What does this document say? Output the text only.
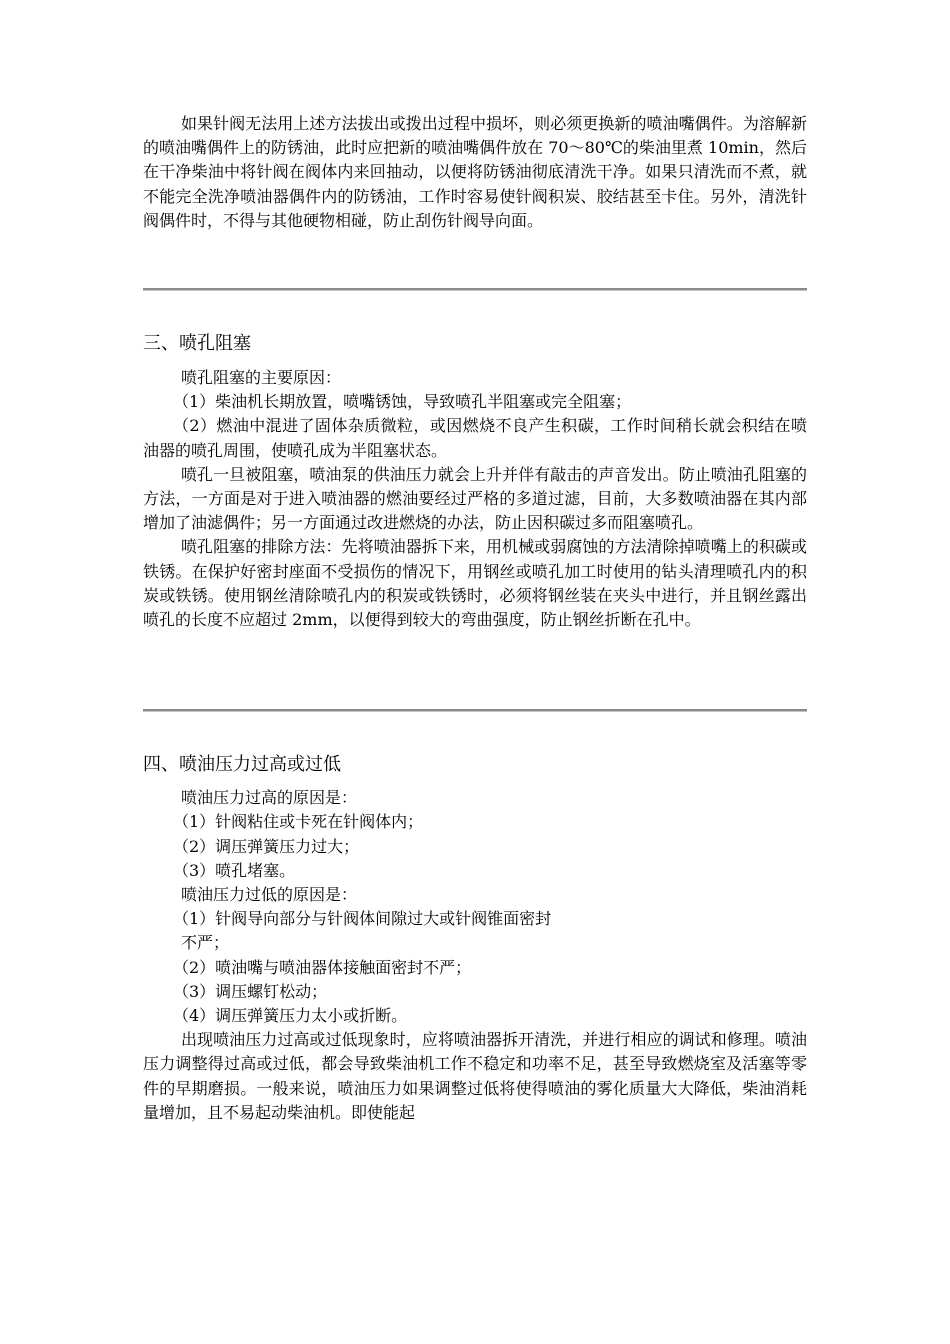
如果针阀无法用上述方法拔出或拨出过程中损坏，则必须更换新的喷油嘴偶件。为溶解新的喷油嘴偶件上的防锈油，此时应把新的喷油嘴偶件放在 70～80℃的柴油里煮 10min，然后在干净柴油中将针阀在阀体内来回抽动，以便将防锈油彻底清洗干净。如果只清洗而不煮，就不能完全洗净喷油器偶件内的防锈油，工作时容易使针阀积炭、胶结甚至卡住。另外，清洗针阀偶件时，不得与其他硬物相碰，防止刮伤针阀导向面。

三、喷孔阻塞

喷孔阻塞的主要原因：

（1）柴油机长期放置，喷嘴锈蚀，导致喷孔半阻塞或完全阻塞；

（2）燃油中混进了固体杂质微粒，或因燃烧不良产生积碳，工作时间稍长就会积结在喷油器的喷孔周围，使喷孔成为半阻塞状态。

喷孔一旦被阻塞，喷油泵的供油压力就会上升并伴有敲击的声音发出。防止喷油孔阻塞的方法，一方面是对于进入喷油器的燃油要经过严格的多道过滤，目前，大多数喷油器在其内部增加了油滤偶件；另一方面通过改进燃烧的办法，防止因积碳过多而阻塞喷孔。

喷孔阻塞的排除方法：先将喷油器拆下来，用机械或弱腐蚀的方法清除掉喷嘴上的积碳或铁锈。在保护好密封座面不受损伤的情况下，用钢丝或喷孔加工时使用的钻头清理喷孔内的积炭或铁锈。使用钢丝清除喷孔内的积炭或铁锈时，必须将钢丝装在夹头中进行，并且钢丝露出喷孔的长度不应超过 2mm，以便得到较大的弯曲强度，防止钢丝折断在孔中。

四、喷油压力过高或过低

喷油压力过高的原因是：

（1）针阀粘住或卡死在针阀体内；

（2）调压弹簧压力过大；

（3）喷孔堵塞。

喷油压力过低的原因是：

（1）针阀导向部分与针阀体间隙过大或针阀锥面密封

不严；

（2）喷油嘴与喷油器体接触面密封不严；

（3）调压螺钉松动；

（4）调压弹簧压力太小或折断。

出现喷油压力过高或过低现象时，应将喷油器拆开清洗，并进行相应的调试和修理。喷油压力调整得过高或过低，都会导致柴油机工作不稳定和功率不足，甚至导致燃烧室及活塞等零件的早期磨损。一般来说，喷油压力如果调整过低将使得喷油的雾化质量大大降低，柴油消耗量增加，且不易起动柴油机。即使能起
